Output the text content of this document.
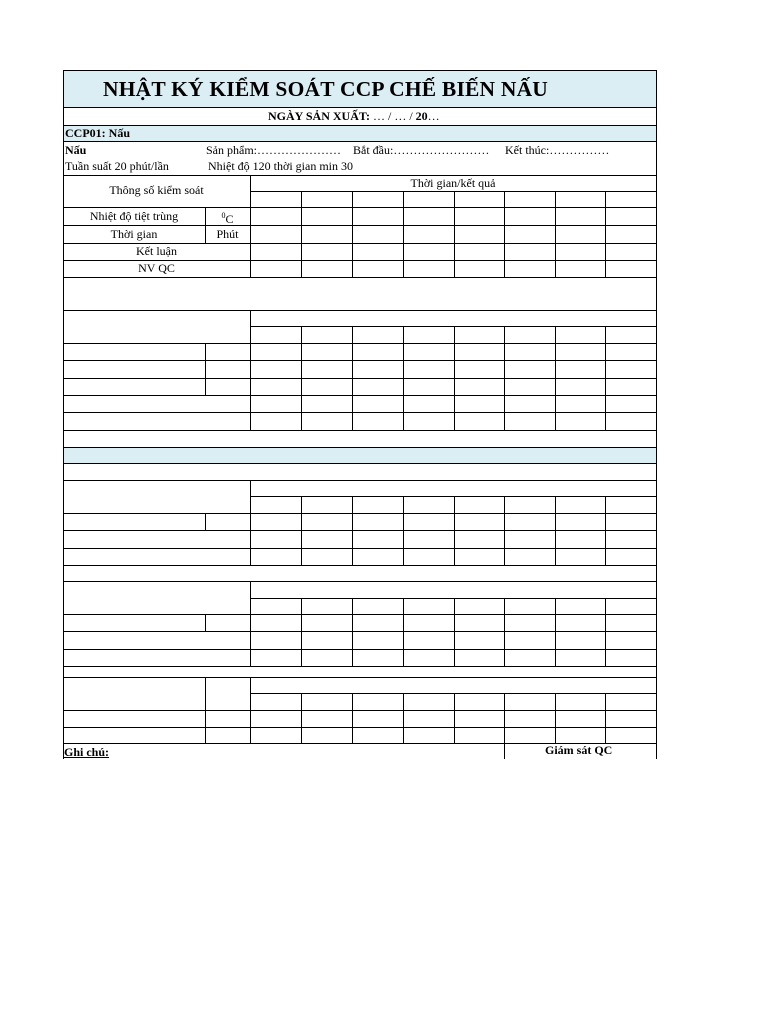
NHẬT KÝ KIỂM SOÁT CCP CHẾ BIẾN NẤU
NGÀY SẢN XUẤT: … / … / 20…
CCP01: Nấu
Nấu	Sản phẩm:………………… Bắt đầu:…………………… Kết thúc:……………
Tuần suất 20 phút/lần	Nhiệt độ 120 thời gian min 30
Thông số kiểm soát	Thời gian/kết quả
Nhiệt độ tiệt trùng	$^0$C
Thời gian	Phút
Kết luận
NV QC
Ghi chú:	Giám sát QC
